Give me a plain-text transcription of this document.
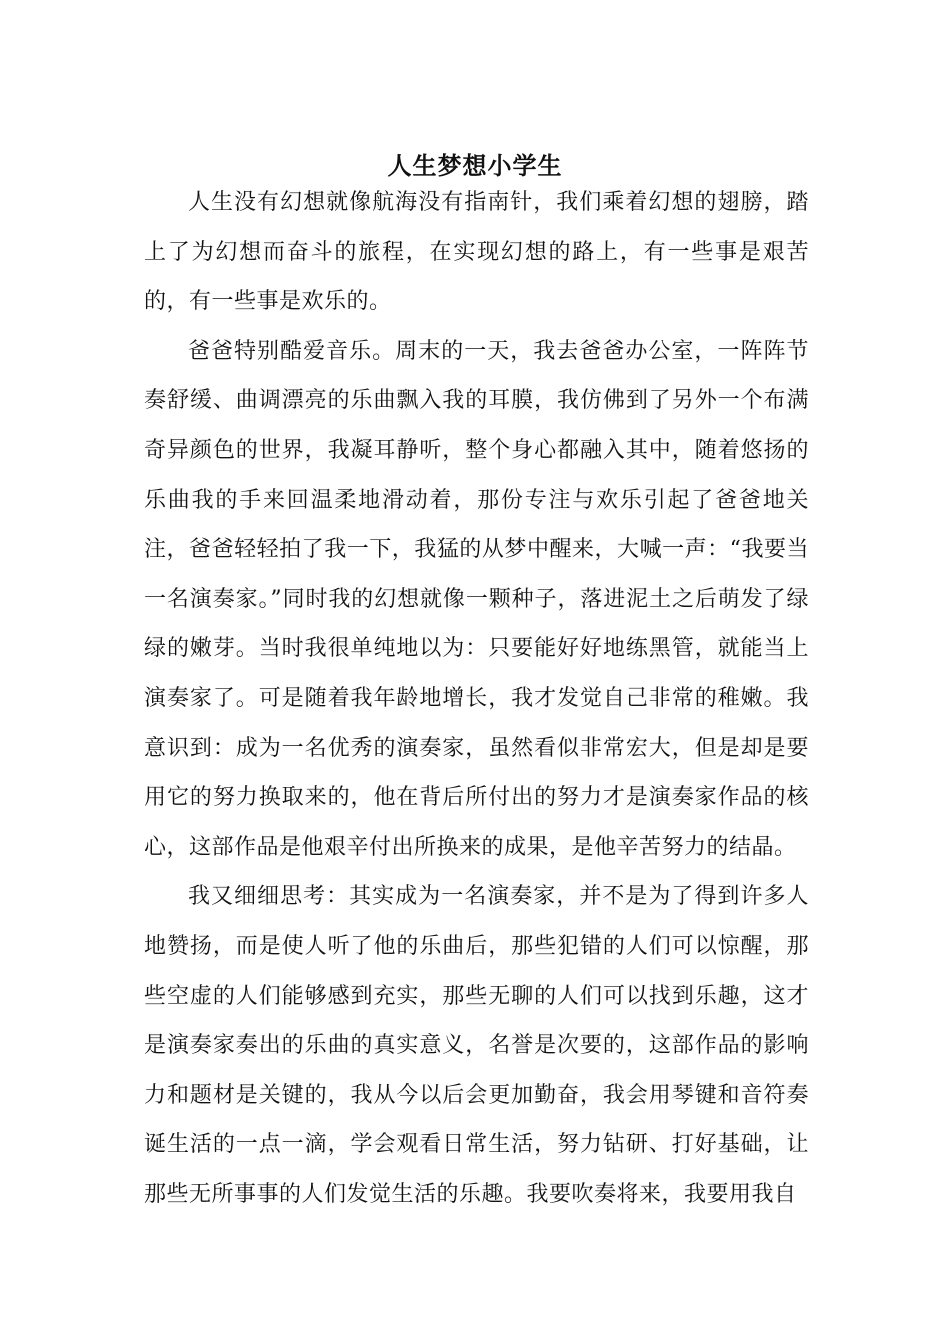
人生梦想小学生

人生没有幻想就像航海没有指南针，我们乘着幻想的翅膀，踏上了为幻想而奋斗的旅程，在实现幻想的路上，有一些事是艰苦的，有一些事是欢乐的。

爸爸特别酷爱音乐。周末的一天，我去爸爸办公室，一阵阵节奏舒缓、曲调漂亮的乐曲飘入我的耳膜，我仿佛到了另外一个布满奇异颜色的世界，我凝耳静听，整个身心都融入其中，随着悠扬的乐曲我的手来回温柔地滑动着，那份专注与欢乐引起了爸爸地关注，爸爸轻轻拍了我一下，我猛的从梦中醒来，大喊一声：“我要当一名演奏家。”同时我的幻想就像一颗种子，落进泥土之后萌发了绿绿的嫩芽。当时我很单纯地以为：只要能好好地练黑管，就能当上演奏家了。可是随着我年龄地增长，我才发觉自己非常的稚嫩。我意识到：成为一名优秀的演奏家，虽然看似非常宏大，但是却是要用它的努力换取来的，他在背后所付出的努力才是演奏家作品的核心，这部作品是他艰辛付出所换来的成果，是他辛苦努力的结晶。

我又细细思考：其实成为一名演奏家，并不是为了得到许多人地赞扬，而是使人听了他的乐曲后，那些犯错的人们可以惊醒，那些空虚的人们能够感到充实，那些无聊的人们可以找到乐趣，这才是演奏家奏出的乐曲的真实意义，名誉是次要的，这部作品的影响力和题材是关键的，我从今以后会更加勤奋，我会用琴键和音符奏诞生活的一点一滴，学会观看日常生活，努力钻研、打好基础，让那些无所事事的人们发觉生活的乐趣。我要吹奏将来，我要用我自
